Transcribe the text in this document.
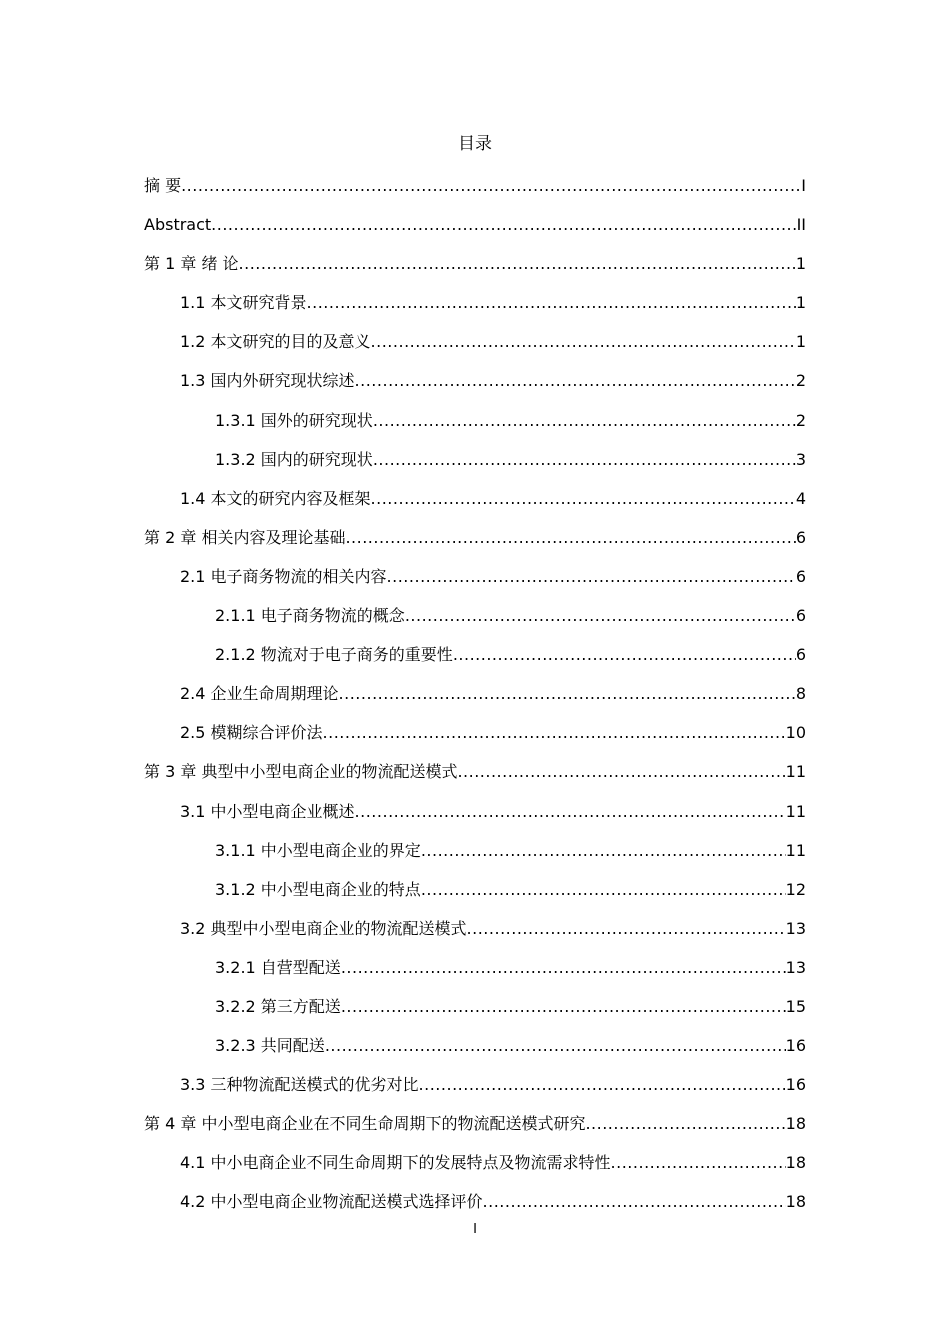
目录
摘 要 .....	I
Abstract .....	II
第 1 章 绪 论 .....	1
1.1 本文研究背景 .....	1
1.2 本文研究的目的及意义 .....	1
1.3 国内外研究现状综述 .....	2
1.3.1 国外的研究现状 .....	2
1.3.2 国内的研究现状 .....	3
1.4 本文的研究内容及框架 .....	4
第 2 章 相关内容及理论基础 .....	6
2.1 电子商务物流的相关内容 .....	6
2.1.1 电子商务物流的概念 .....	6
2.1.2 物流对于电子商务的重要性 .....	6
2.4 企业生命周期理论 .....	8
2.5 模糊综合评价法 .....	10
第 3 章 典型中小型电商企业的物流配送模式 .....	11
3.1 中小型电商企业概述 .....	11
3.1.1 中小型电商企业的界定 .....	11
3.1.2 中小型电商企业的特点 .....	12
3.2 典型中小型电商企业的物流配送模式 .....	13
3.2.1 自营型配送 .....	13
3.2.2 第三方配送 .....	15
3.2.3 共同配送 .....	16
3.3 三种物流配送模式的优劣对比 .....	16
第 4 章 中小型电商企业在不同生命周期下的物流配送模式研究 .....	18
4.1 中小电商企业不同生命周期下的发展特点及物流需求特性 .....	18
4.2 中小型电商企业物流配送模式选择评价 .....	18
I
